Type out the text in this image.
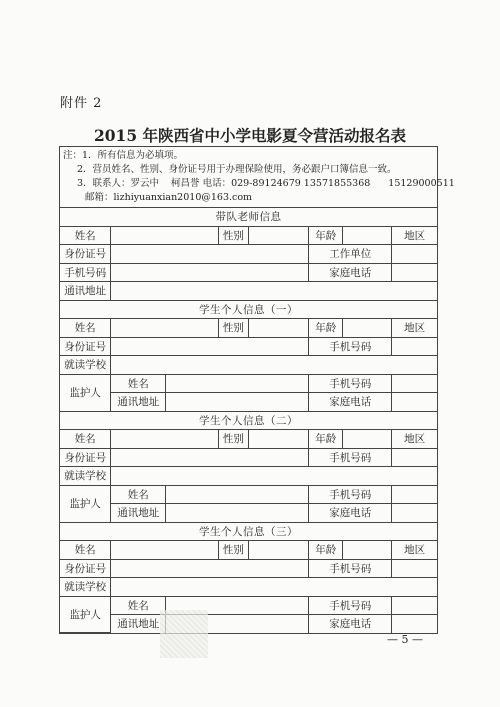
附件 2
2015 年陕西省中小学电影夏令营活动报名表
注：1．所有信息为必填项。
2．营员姓名、性别、身份证号用于办理保险使用，务必跟户口簿信息一致。
3．联系人：罗云中 柯昌誉 电话：029-89124679 13571855368 15129000511
邮箱：lizhiyuanxian2010@163.com
带队老师信息							
姓名			性别		年龄		地区
身份证号					工作单位		
手机号码					家庭电话		
通讯地址							
学生个人信息（一）							
姓名			性别		年龄		地区
身份证号					手机号码		
就读学校							
监护人	姓名				手机号码		
	通讯地址				家庭电话		
学生个人信息（二）							
姓名			性别		年龄		地区
身份证号					手机号码		
就读学校							
监护人	姓名				手机号码		
	通讯地址				家庭电话		
学生个人信息（三）							
姓名			性别		年龄		地区
身份证号					手机号码		
就读学校							
监护人	姓名				手机号码		
	通讯地址				家庭电话		
— 5 —
